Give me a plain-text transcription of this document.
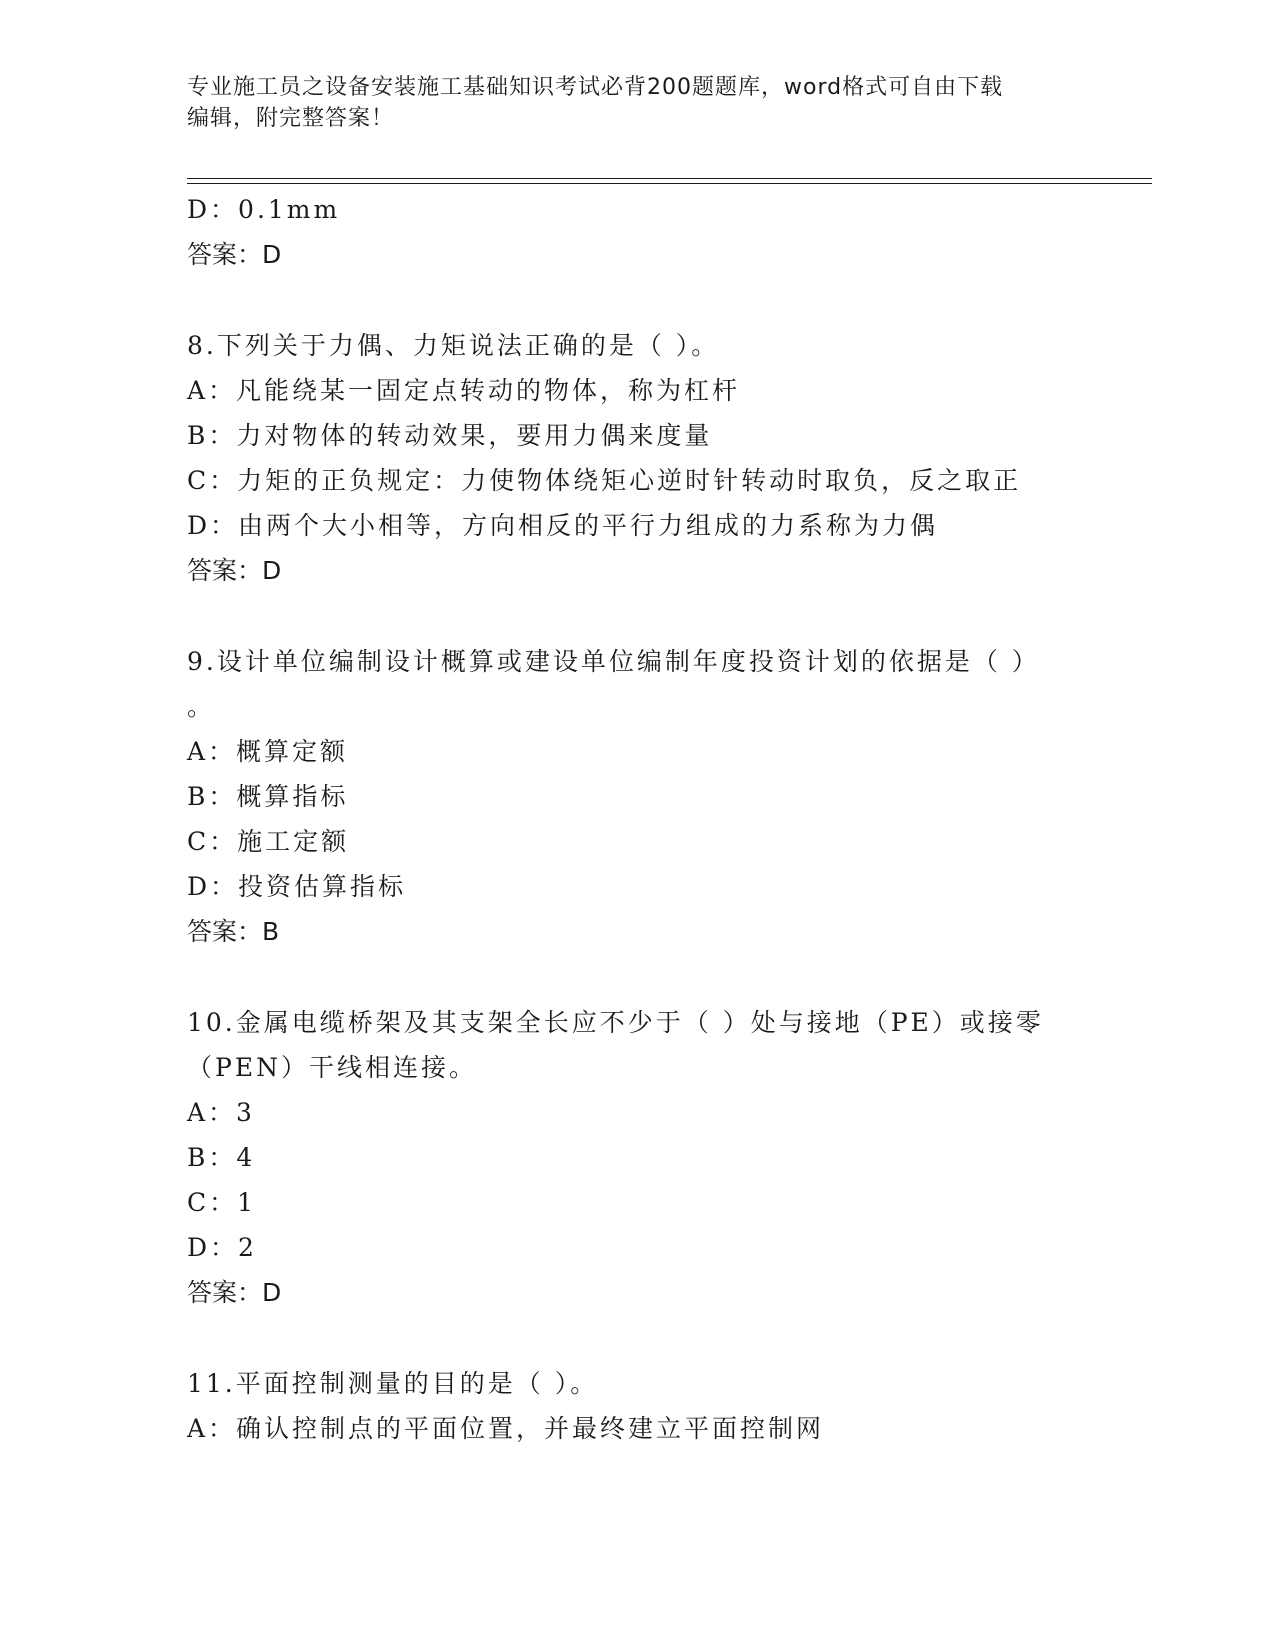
专业施工员之设备安装施工基础知识考试必背200题题库，word格式可自由下载
编辑，附完整答案！
D：0.1mm
答案：D
8.下列关于力偶、力矩说法正确的是（ ）。
A：凡能绕某一固定点转动的物体，称为杠杆
B：力对物体的转动效果，要用力偶来度量
C：力矩的正负规定：力使物体绕矩心逆时针转动时取负，反之取正
D：由两个大小相等，方向相反的平行力组成的力系称为力偶
答案：D
9.设计单位编制设计概算或建设单位编制年度投资计划的依据是（ ）
。
A：概算定额
B：概算指标
C：施工定额
D：投资估算指标
答案：B
10.金属电缆桥架及其支架全长应不少于（ ）处与接地（PE）或接零
（PEN）干线相连接。
A：3
B：4
C：1
D：2
答案：D
11.平面控制测量的目的是（ ）。
A：确认控制点的平面位置，并最终建立平面控制网
